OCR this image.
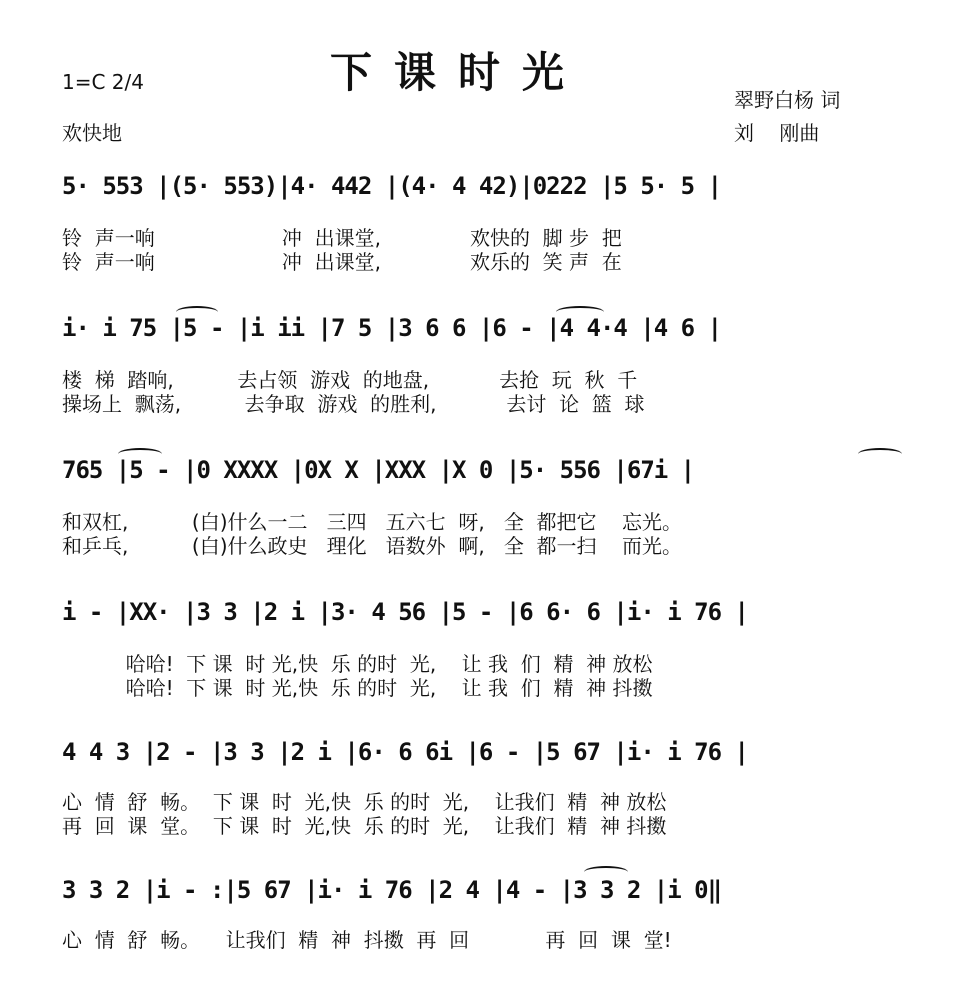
下课时光
1=C 2/4
欢快地
翠野白杨 词
刘    刚曲
5· 553 |(5· 553)|4· 442 |(4· 4 42)|0222 |5 5· 5 |
铃  声一响                    冲  出课堂,              欢快的  脚 步  把
铃  声一响                    冲  出课堂,              欢乐的  笑 声  在
i· i 75 |5 - |i ii |7 5 |3 6 6 |6 - |4 4·4 |4 6 |
楼  梯  踏响,          去占领  游戏  的地盘,           去抢  玩  秋  千
操场上  飘荡,          去争取  游戏  的胜利,           去讨  论  篮  球
765 |5 - |0 XXXX |0X X |XXX |X 0 |5· 556 |67i |
和双杠,          (白)什么一二   三四   五六七  呀,   全  都把它    忘光。
和乒乓,          (白)什么政史   理化   语数外  啊,   全  都一扫    而光。
i - |XX· |3 3 |2 i |3· 4 56 |5 - |6 6· 6 |i· i 76 |
哈哈!  下 课  时 光,快  乐 的时  光,    让 我  们  精  神 放松
哈哈!  下 课  时 光,快  乐 的时  光,    让 我  们  精  神 抖擞
4 4 3 |2 - |3 3 |2 i |6· 6 6i |6 - |5 67 |i· i 76 |
心  情  舒  畅。  下 课  时  光,快  乐 的时  光,    让我们  精  神 放松
再  回  课  堂。  下 课  时  光,快  乐 的时  光,    让我们  精  神 抖擞
3 3 2 |i - :|5 67 |i· i 76 |2 4 |4 - |3 3 2 |i 0‖
心  情  舒  畅。    让我们  精  神  抖擞  再  回            再  回  课  堂!
